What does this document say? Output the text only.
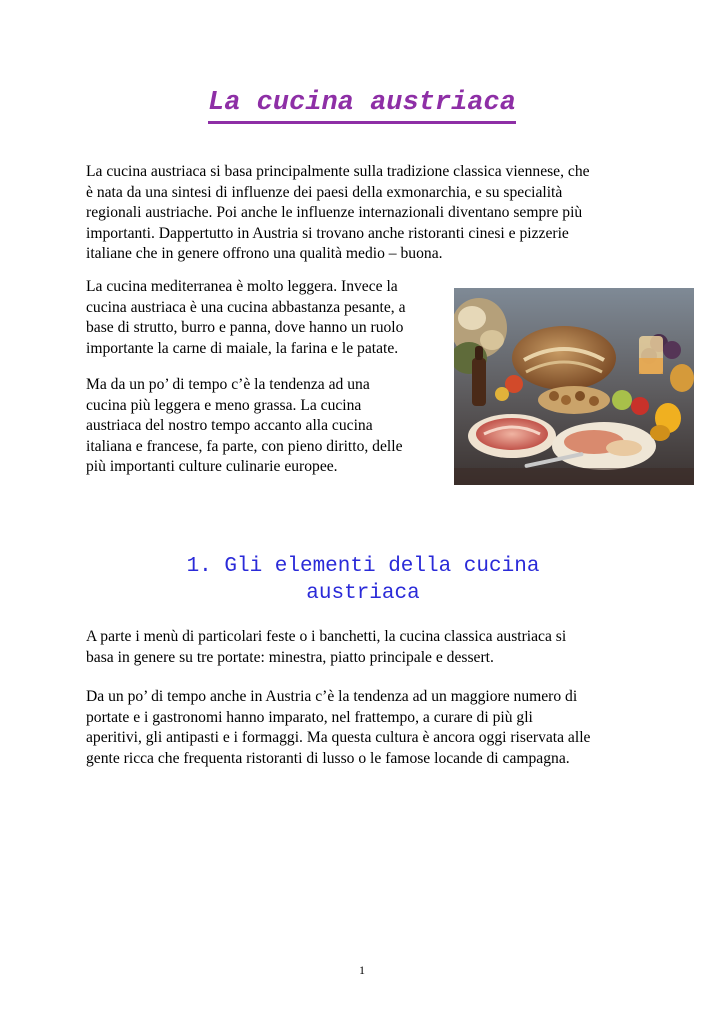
La cucina austriaca

La cucina austriaca si basa principalmente sulla tradizione classica viennese, che
è nata da una sintesi di influenze dei paesi della exmonarchia, e su specialità
regionali austriache. Poi anche le influenze internazionali diventano sempre più
importanti. Dappertutto in Austria si trovano anche ristoranti cinesi e pizzerie
italiane che in genere offrono una qualità medio – buona.

La cucina mediterranea è molto leggera. Invece la
cucina austriaca è una cucina abbastanza pesante, a
base di strutto, burro e panna, dove hanno un ruolo
importante la carne di maiale, la farina e le patate.

Ma da un po’ di tempo c’è la tendenza ad una
cucina più leggera e meno grassa. La cucina
austriaca del nostro tempo accanto alla cucina
italiana e francese, fa parte, con pieno diritto, delle
più importanti culture culinarie europee.

1. Gli elementi della cucina
austriaca

A parte i menù di particolari feste o i banchetti, la cucina classica austriaca si
basa in genere su tre portate: minestra, piatto principale e dessert.

Da un po’ di tempo anche in Austria c’è la tendenza ad un maggiore numero di
portate e i gastronomi hanno imparato, nel frattempo, a curare di più gli
aperitivi, gli antipasti e i formaggi. Ma questa cultura è ancora oggi riservata alle
gente ricca che frequenta ristoranti di lusso o le famose locande di campagna.

1
